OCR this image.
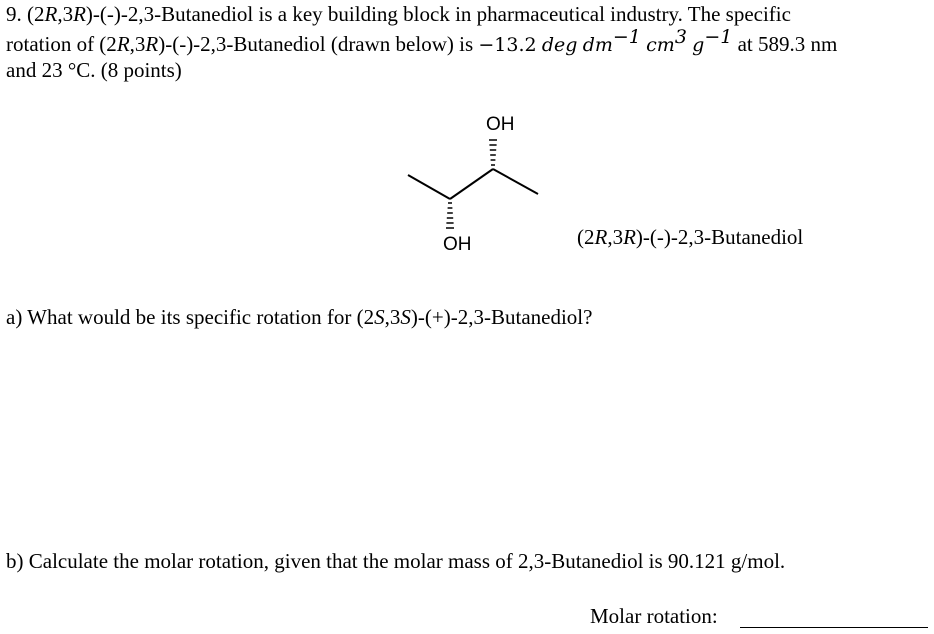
9. (2R,3R)-(-)-2,3-Butanediol is a key building block in pharmaceutical industry. The specific
rotation of (2R,3R)-(-)-2,3-Butanediol (drawn below) is −13.2 deg $dm^{-1}$ $cm^3$ $g^{-1}$ at 589.3 nm
and 23 °C. (8 points)
OH
OH	(2R,3R)-(-)-2,3-Butanediol
a) What would be its specific rotation for (2S,3S)-(+)-2,3-Butanediol?
b) Calculate the molar rotation, given that the molar mass of 2,3-Butanediol is 90.121 g/mol.
Molar rotation:
